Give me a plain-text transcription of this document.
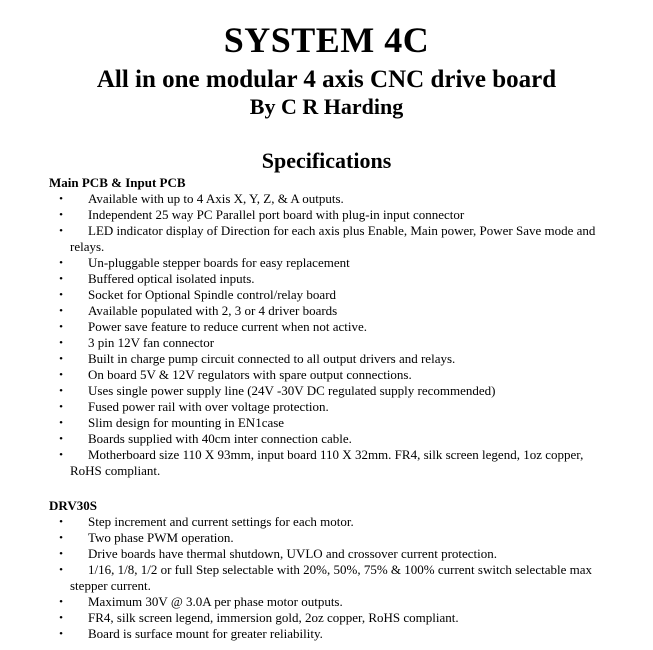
SYSTEM 4C
All in one modular 4 axis CNC drive board
By C R Harding
Specifications
Main PCB & Input PCB
•	Available with up to 4 Axis X, Y, Z, & A outputs.
•	Independent 25 way PC Parallel port board with plug-in input connector
•	LED indicator display of Direction for each axis plus Enable, Main power, Power Save mode and relays.
•	Un-pluggable stepper boards for easy replacement
•	Buffered optical isolated inputs.
•	Socket for Optional Spindle control/relay board
•	Available populated with 2, 3 or 4 driver boards
•	Power save feature to reduce current when not active.
•	3 pin 12V fan connector
•	Built in charge pump circuit connected to all output drivers and relays.
•	On board 5V & 12V regulators with spare output connections.
•	Uses single power supply line (24V -30V DC regulated supply recommended)
•	Fused power rail with over voltage protection.
•	Slim design for mounting in EN1case
•	Boards supplied with 40cm inter connection cable.
•	Motherboard size 110 X 93mm, input board 110 X 32mm. FR4, silk screen legend, 1oz copper, RoHS compliant.
DRV30S
•	Step increment and current settings for each motor.
•	Two phase PWM operation.
•	Drive boards have thermal shutdown, UVLO and crossover current protection.
•	1/16, 1/8, 1/2 or full Step selectable with 20%, 50%, 75% & 100% current switch selectable max stepper current.
•	Maximum 30V @ 3.0A per phase motor outputs.
•	FR4, silk screen legend, immersion gold, 2oz copper, RoHS compliant.
•	Board is surface mount for greater reliability.
